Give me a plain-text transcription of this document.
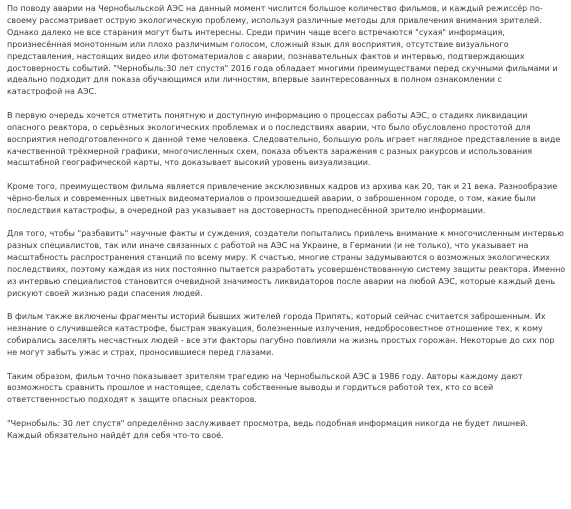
По поводу аварии на Чернобыльской АЭС на данный момент числится большое количество фильмов, и каждый режиссёр по-
своему рассматривает острую экологическую проблему, используя различные методы для привлечения внимания зрителей.
Однако далеко не все старания могут быть интересны. Среди причин чаще всего встречаются "сухая" информация,
произнесённая монотонным или плохо различимым голосом, сложный язык для восприятия, отсутствие визуального
представления, настоящих видео или фотоматериалов с аварии, познавательных фактов и интервью, подтверждающих
достоверность событий. "Чернобыль:30 лет спустя" 2016 года обладает многими преимуществами перед скучными фильмами и
идеально подходит для показа обучающимся или личностям, впервые заинтересованных в полном ознакомлении с
катастрофой на АЭС.

В первую очередь хочется отметить понятную и доступную информацию о процессах работы АЭС, о стадиях ликвидации
опасного реактора, о серьёзных экологических проблемах и о последствиях аварии, что было обусловлено простотой для
восприятия неподготовленного к данной теме человека. Следовательно, большую роль играет наглядное представление в виде
качественной трёхмерной графики, многочисленных схем, показа объекта заражения с разных ракурсов и использования
масштабной географической карты, что доказывает высокий уровень визуализации.

Кроме того, преимуществом фильма является привлечение эксклюзивных кадров из архива как 20, так и 21 века. Разнообразие
чёрно-белых и современных цветных видеоматериалов о произошедшей аварии, о заброшенном городе, о том, какие были
последствия катастрофы, в очередной раз указывает на достоверность преподнесённой зрителю информации.

Для того, чтобы "разбавить" научные факты и суждения, создатели попытались привлечь внимание к многочисленным интервью
разных специалистов, так или иначе связанных с работой на АЭС на Украине, в Германии (и не только), что указывает на
масштабность распространения станций по всему миру. К счастью, многие страны задумываются о возможных экологических
последствиях, поэтому каждая из них постоянно пытается разработать усовершенствованную систему защиты реактора. Именно
из интервью специалистов становится очевидной значимость ликвидаторов после аварии на любой АЭС, которые каждый день
рискуют своей жизнью ради спасения людей.

В фильм также включены фрагменты историй бывших жителей города Припять, который сейчас считается заброшенным. Их
незнание о случившейся катастрофе, быстрая эвакуация, болезненные излучения, недобросовестное отношение тех, к кому
собирались заселять несчастных людей - все эти факторы пагубно повлияли на жизнь простых горожан. Некоторые до сих пор
не могут забыть ужас и страх, проносившиеся перед глазами.

Таким образом, фильм точно показывает зрителям трагедию на Чернобыльской АЭС в 1986 году. Авторы каждому дают
возможность сравнить прошлое и настоящее, сделать собственные выводы и гордиться работой тех, кто со всей
ответственностью подходят к защите опасных реакторов.

"Чернобыль: 30 лет спустя" определённо заслуживает просмотра, ведь подобная информация никогда не будет лишней.
Каждый обязательно найдёт для себя что-то своё.
